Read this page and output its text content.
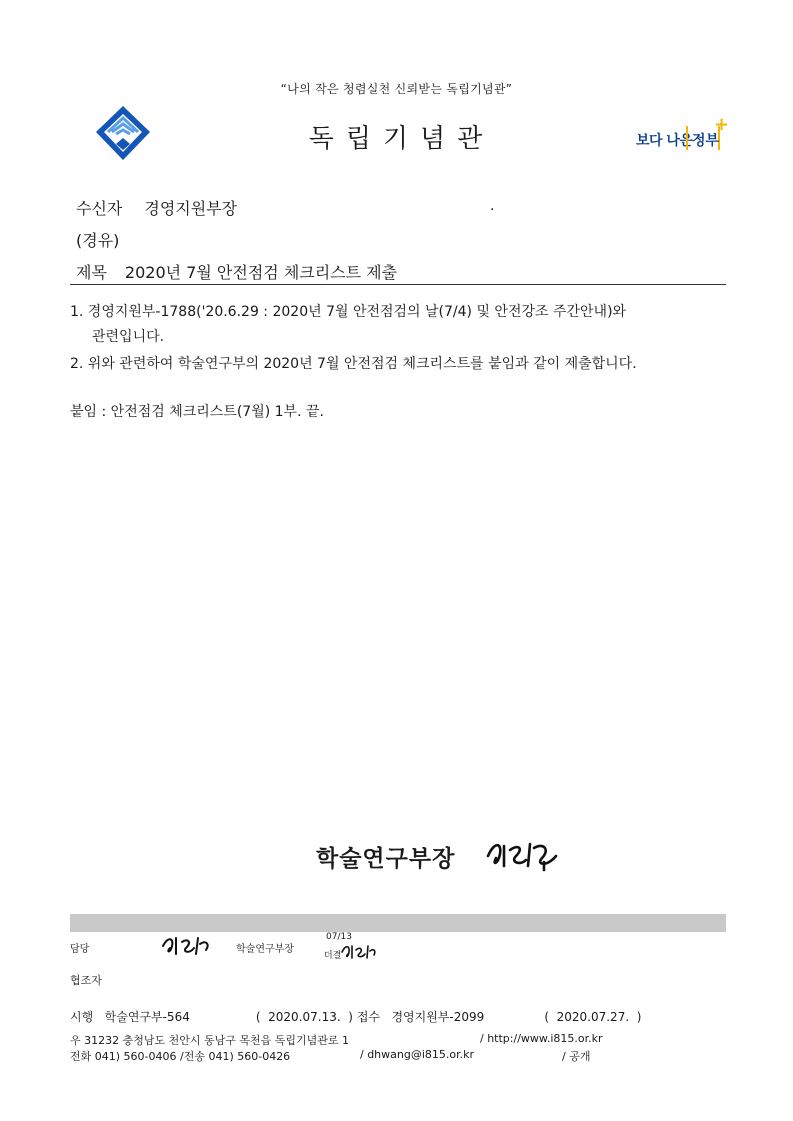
“나의 작은 청렴실천 신뢰받는 독립기념관”
독립기념관	보다 나은 정부
+
수신자 경영지원부장	.
(경유)
제목 2020년 7월 안전점검 체크리스트 제출
1. 경영지원부-1788('20.6.29 : 2020년 7월 안전점검의 날(7/4) 및 안전강조 주간안내)와
관련입니다.
2. 위와 관련하여 학술연구부의 2020년 7월 안전점검 체크리스트를 붙임과 같이 제출합니다.
붙임 : 안전점검 체크리스트(7월) 1부. 끝.
학술연구부장
담당	학술연구부장
07/13
더결
협조자
시행 학술연구부-564	(  2020.07.13.  ) 접수 경영지원부-2099	(  2020.07.27.  )
우 31232 충청남도 천안시 동남구 목천읍 독립기념관로 1	/ http://www.i815.or.kr
전화 041) 560-0406 /전송 041) 560-0426	/ dhwang@i815.or.kr	/ 공개
